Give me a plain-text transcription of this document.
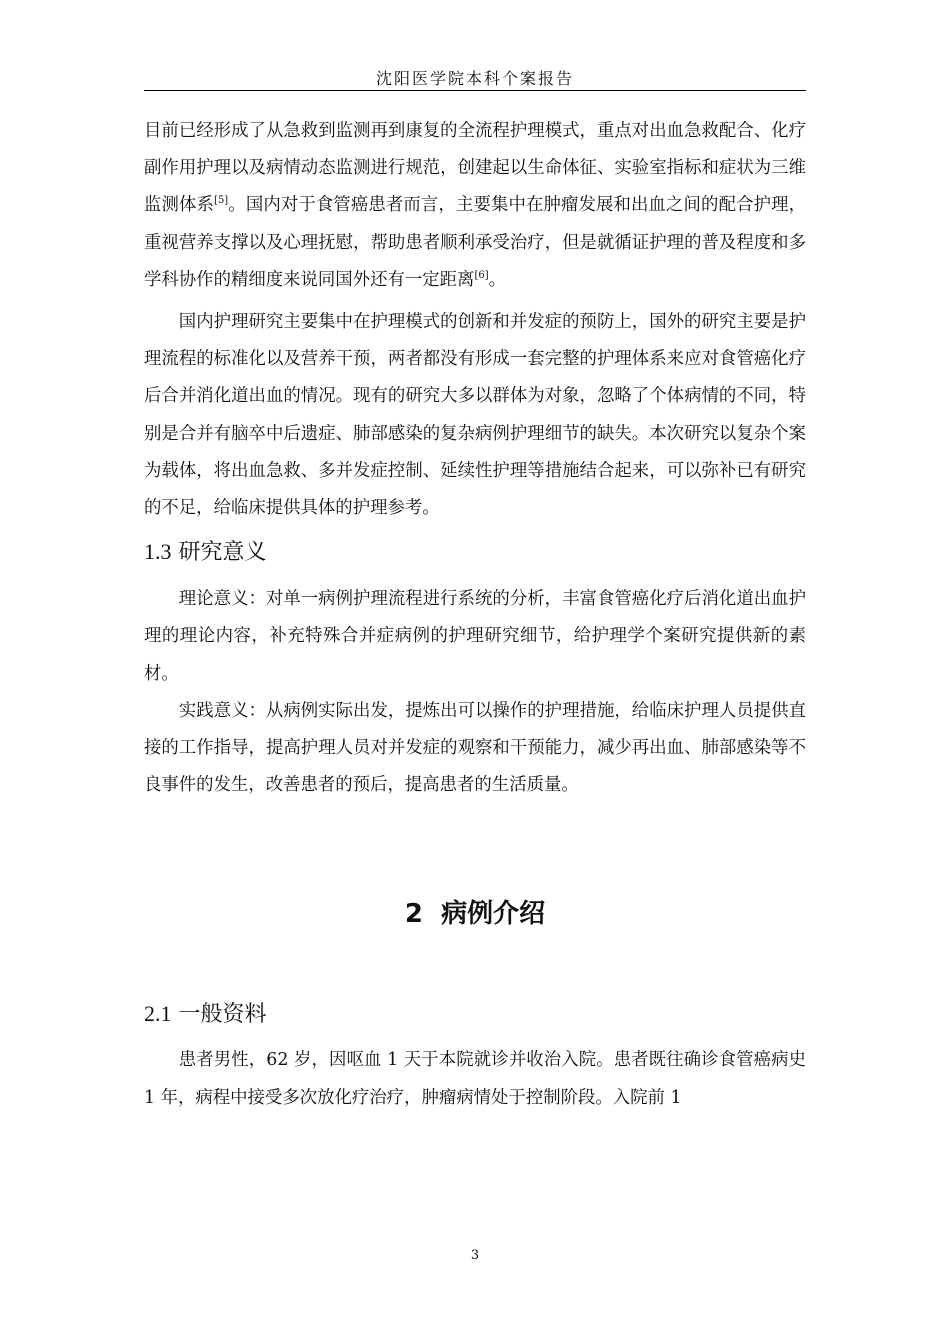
沈阳医学院本科个案报告

目前已经形成了从急救到监测再到康复的全流程护理模式，重点对出血急救配合、化疗副作用护理以及病情动态监测进行规范，创建起以生命体征、实验室指标和症状为三维监测体系[5]。国内对于食管癌患者而言，主要集中在肿瘤发展和出血之间的配合护理，重视营养支撑以及心理抚慰，帮助患者顺利承受治疗，但是就循证护理的普及程度和多学科协作的精细度来说同国外还有一定距离[6]。

国内护理研究主要集中在护理模式的创新和并发症的预防上，国外的研究主要是护理流程的标准化以及营养干预，两者都没有形成一套完整的护理体系来应对食管癌化疗后合并消化道出血的情况。现有的研究大多以群体为对象，忽略了个体病情的不同，特别是合并有脑卒中后遗症、肺部感染的复杂病例护理细节的缺失。本次研究以复杂个案为载体，将出血急救、多并发症控制、延续性护理等措施结合起来，可以弥补已有研究的不足，给临床提供具体的护理参考。

1.3 研究意义

理论意义：对单一病例护理流程进行系统的分析，丰富食管癌化疗后消化道出血护理的理论内容，补充特殊合并症病例的护理研究细节，给护理学个案研究提供新的素材。

实践意义：从病例实际出发，提炼出可以操作的护理措施，给临床护理人员提供直接的工作指导，提高护理人员对并发症的观察和干预能力，减少再出血、肺部感染等不良事件的发生，改善患者的预后，提高患者的生活质量。

2 病例介绍
2.1 一般资料

患者男性，62 岁，因呕血 1 天于本院就诊并收治入院。患者既往确诊食管癌病史 1 年，病程中接受多次放化疗治疗，肿瘤病情处于控制阶段。入院前 1

3
